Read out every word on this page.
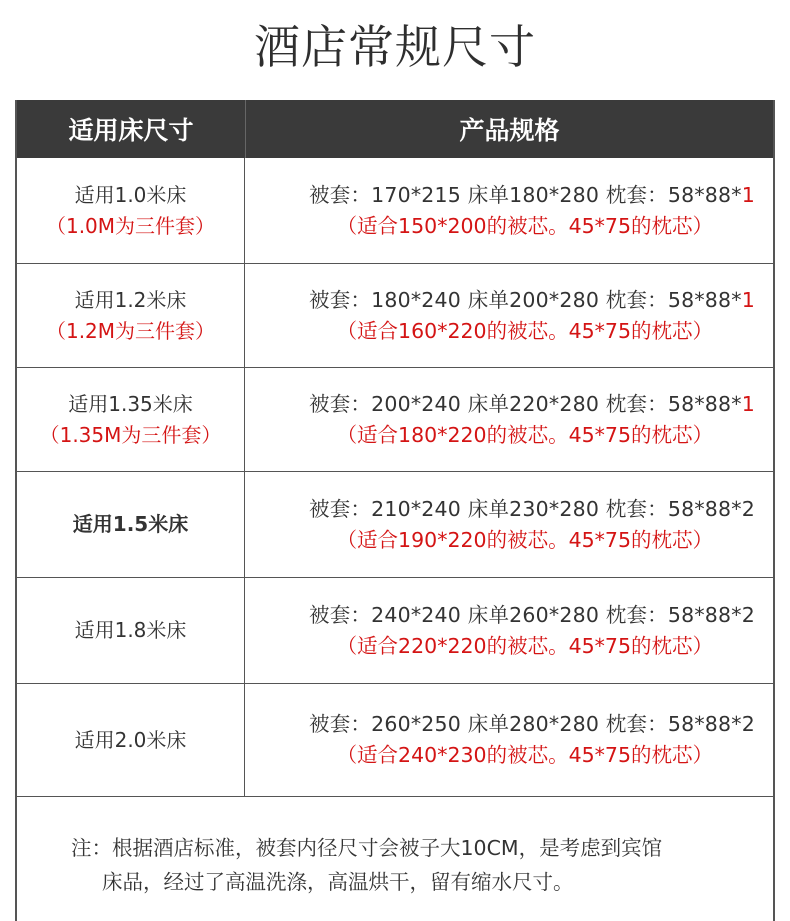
酒店常规尺寸
适用床尺寸	产品规格
适用1.0米床
（1.0M为三件套）
被套：170*215 床单180*280 枕套：58*88*1
（适合150*200的被芯。45*75的枕芯）
适用1.2米床
（1.2M为三件套）
被套：180*240 床单200*280 枕套：58*88*1
（适合160*220的被芯。45*75的枕芯）
适用1.35米床
（1.35M为三件套）
被套：200*240 床单220*280 枕套：58*88*1
（适合180*220的被芯。45*75的枕芯）
适用1.5米床
被套：210*240 床单230*280 枕套：58*88*2
（适合190*220的被芯。45*75的枕芯）
适用1.8米床
被套：240*240 床单260*280 枕套：58*88*2
（适合220*220的被芯。45*75的枕芯）
适用2.0米床
被套：260*250 床单280*280 枕套：58*88*2
（适合240*230的被芯。45*75的枕芯）

注：根据酒店标准，被套内径尺寸会被子大10CM，是考虑到宾馆

床品，经过了高温洗涤，高温烘干，留有缩水尺寸。
